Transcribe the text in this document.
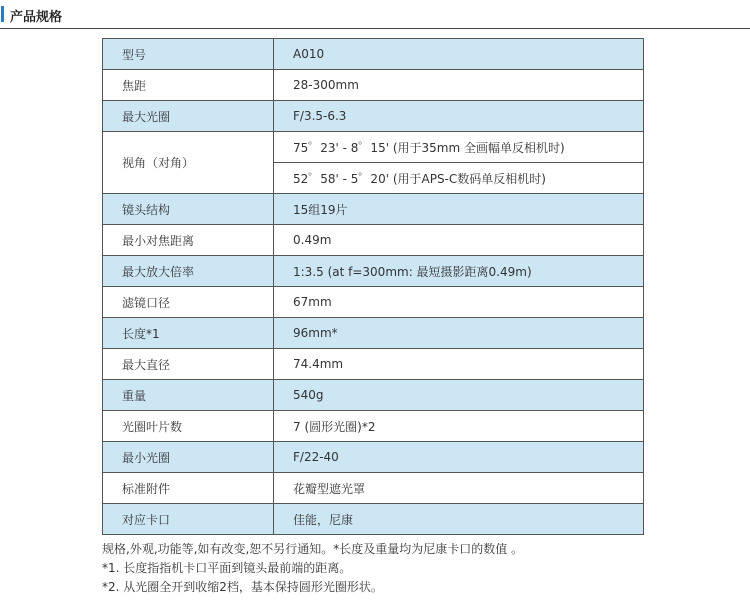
产品规格
型号	A010
焦距	28-300mm
最大光圈	F/3.5-6.3
视角（对角）	75゜23' - 8゜15' (用于35mm 全画幅单反相机时)
	52゜58' - 5゜20' (用于APS-C数码单反相机时)
镜头结构	15组19片
最小对焦距离	0.49m
最大放大倍率	1:3.5 (at f=300mm: 最短摄影距离0.49m)
滤镜口径	67mm
长度*1	96mm*
最大直径	74.4mm
重量	540g
光圈叶片数	7 (圆形光圈)*2
最小光圈	F/22-40
标准附件	花瓣型遮光罩
对应卡口	佳能，尼康
规格,外观,功能等,如有改变,恕不另行通知。*长度及重量均为尼康卡口的数值 。
*1. 长度指指机卡口平面到镜头最前端的距离。
*2. 从光圈全开到收缩2档，基本保持圆形光圈形状。
